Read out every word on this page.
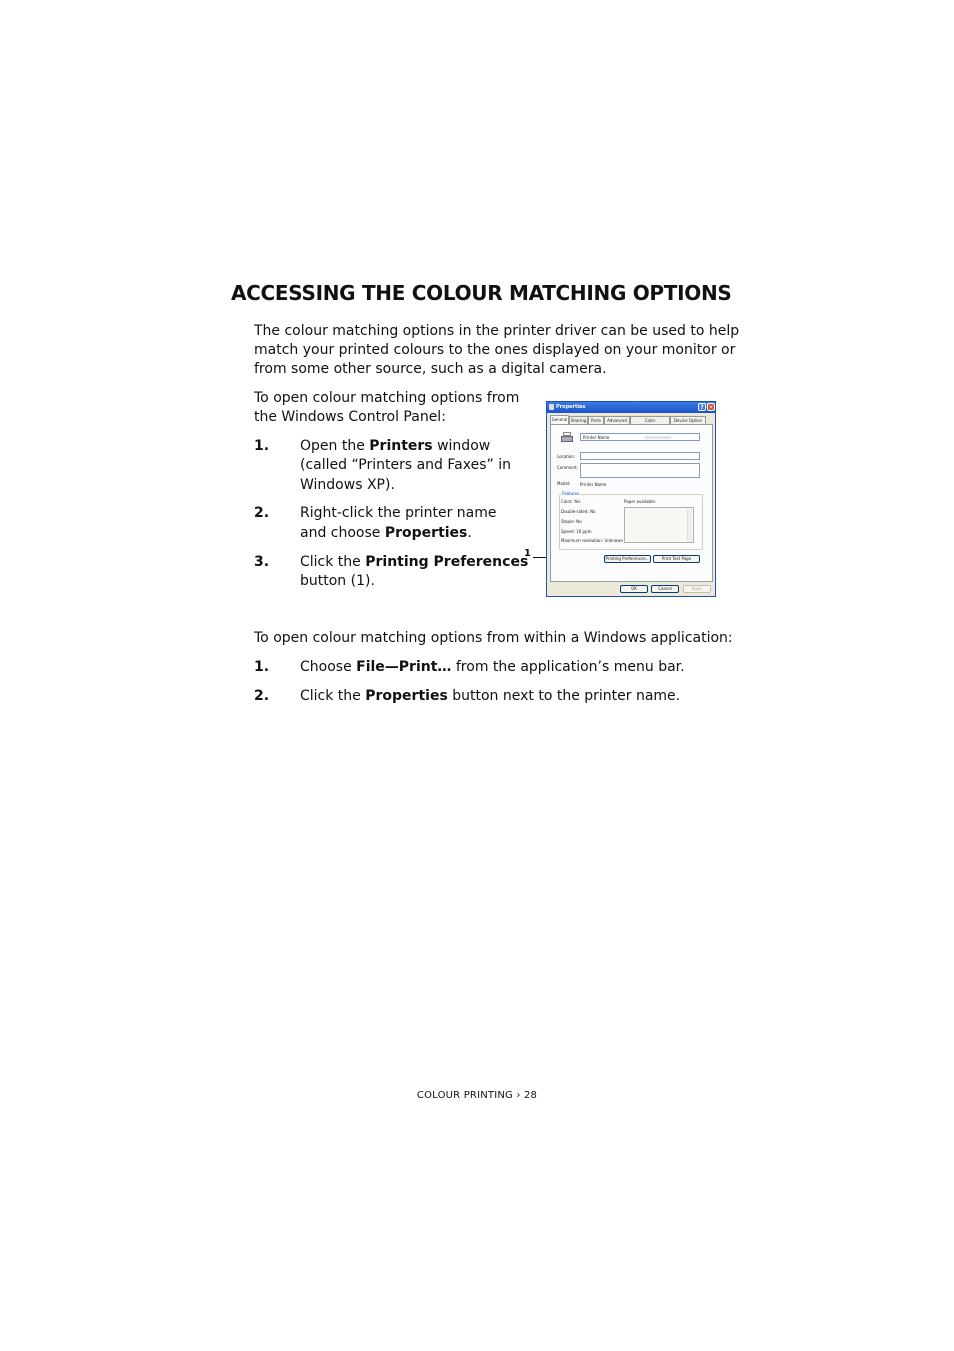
ACCESSING THE COLOUR MATCHING OPTIONS
The colour matching options in the printer driver can be used to help
match your printed colours to the ones displayed on your monitor or
from some other source, such as a digital camera.
To open colour matching options from
the Windows Control Panel:
1. Open the Printers window
(called “Printers and Faxes” in
Windows XP).
2. Right-click the printer name
and choose Properties.
3. Click the Printing Preferences
button (1).
1
Properties	? ✕
General Sharing	Ports	Advanced	Color	Device Option
Printer Name
Location:
Comment:
Model: Printer Name
Features
Color: Yes	Paper available:
Double-sided: No
Staple: No
Speed: 16 ppm
Maximum resolution: Unknown
Printing Preferences...	Print Test Page
OK	Cancel	Apply
To open colour matching options from within a Windows application:
1. Choose File—Print… from the application’s menu bar.
2. Click the Properties button next to the printer name.
COLOUR PRINTING › 28
